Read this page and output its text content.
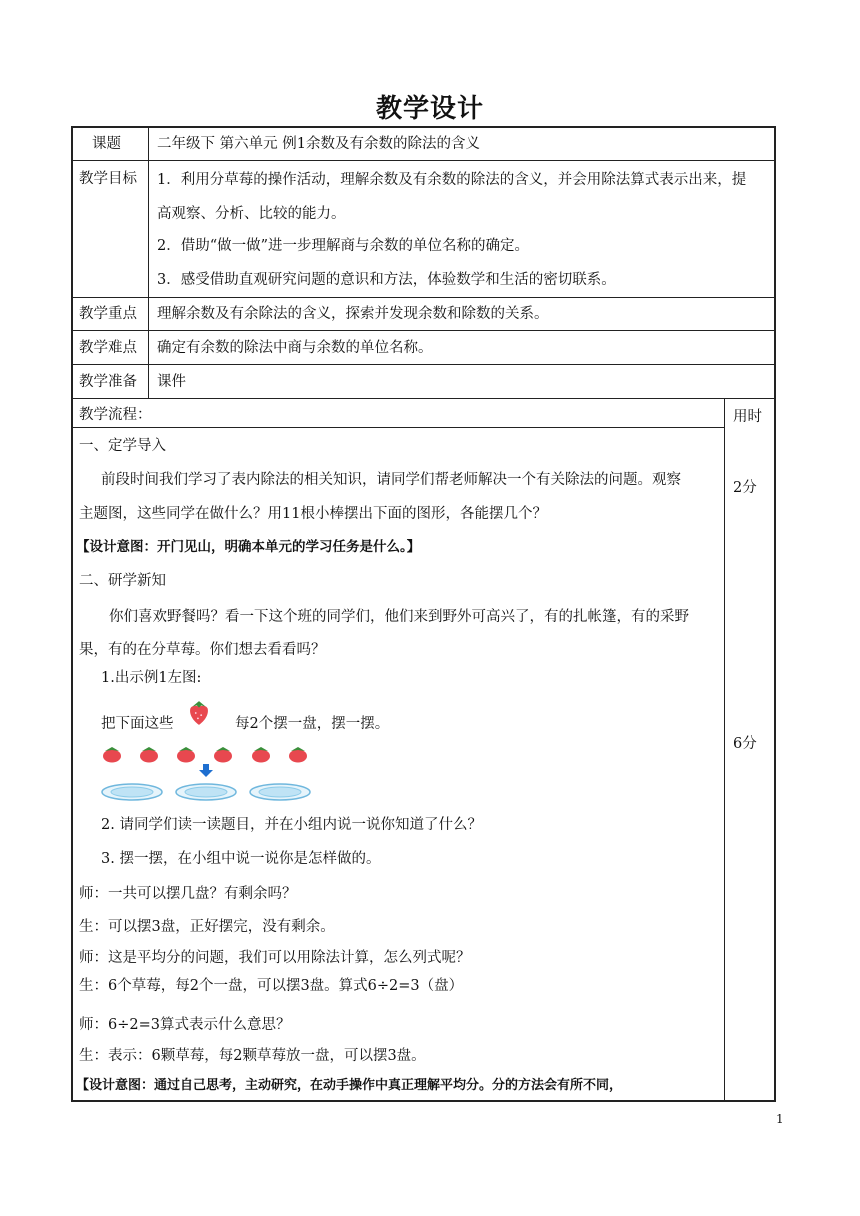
教学设计
课题 二年级下 第六单元 例1余数及有余数的除法的含义
教学目标 1．利用分草莓的操作活动，理解余数及有余数的除法的含义，并会用除法算式表示出来，提
高观察、分析、比较的能力。
2．借助“做一做”进一步理解商与余数的单位名称的确定。
3．感受借助直观研究问题的意识和方法，体验数学和生活的密切联系。
教学重点 理解余数及有余除法的含义，探索并发现余数和除数的关系。
教学难点 确定有余数的除法中商与余数的单位名称。
教学准备 课件
教学流程：	用时
2分
6分
一、定学导入
前段时间我们学习了表内除法的相关知识，请同学们帮老师解决一个有关除法的问题。观察
主题图，这些同学在做什么？用11根小棒摆出下面的图形，各能摆几个？
【设计意图：开门见山，明确本单元的学习任务是什么。】
二、研学新知
你们喜欢野餐吗？看一下这个班的同学们，他们来到野外可高兴了，有的扎帐篷，有的采野
果，有的在分草莓。你们想去看看吗？
1.出示例1左图:
把下面这些	每2个摆一盘，摆一摆。
2. 请同学们读一读题目，并在小组内说一说你知道了什么？
3. 摆一摆，在小组中说一说你是怎样做的。
师：一共可以摆几盘？有剩余吗？
生：可以摆3盘，正好摆完，没有剩余。
师：这是平均分的问题，我们可以用除法计算，怎么列式呢？
生：6个草莓，每2个一盘，可以摆3盘。算式6÷2=3（盘）
师：6÷2=3算式表示什么意思？
生：表示：6颗草莓，每2颗草莓放一盘，可以摆3盘。
【设计意图：通过自己思考，主动研究，在动手操作中真正理解平均分。分的方法会有所不同，
1
